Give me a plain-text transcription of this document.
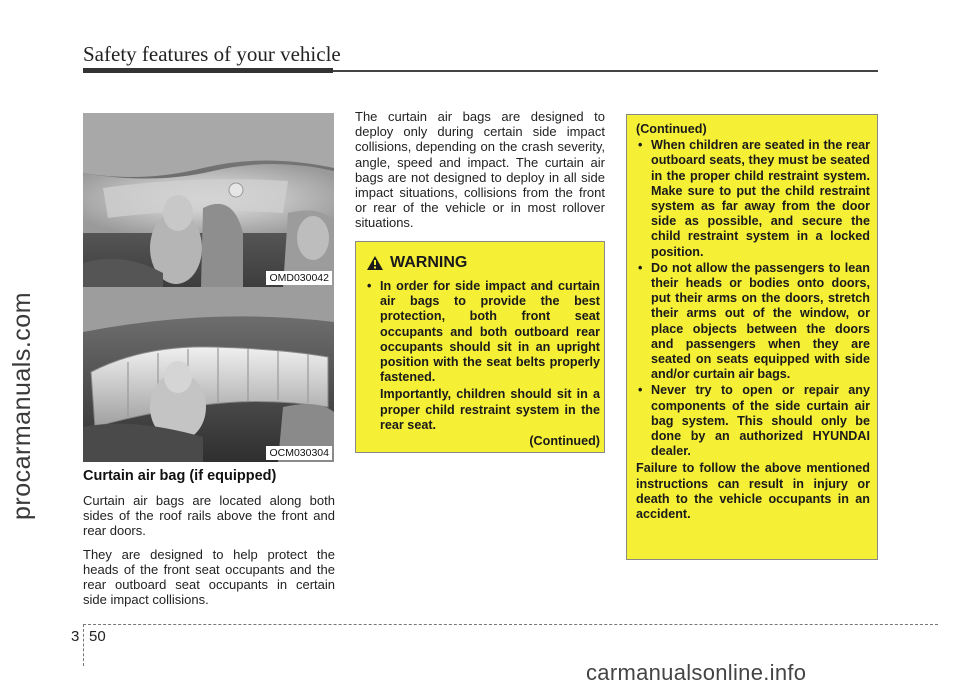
Safety features of your vehicle
procarmanuals.com
OMD030042
OCM030304
Curtain air bag (if equipped)

Curtain air bags are located along both sides of the roof rails above the front and rear doors.

They are designed to help protect the heads of the front seat occupants and the rear outboard seat occupants in certain side impact collisions.

The curtain air bags are designed to deploy only during certain side impact collisions, depending on the crash severity, angle, speed and impact. The curtain air bags are not designed to deploy in all side impact situations, collisions from the front or rear of the vehicle or in most rollover situations.

WARNING
• In order for side impact and curtain air bags to provide the best protection, both front seat occupants and both outboard rear occupants should sit in an upright position with the seat belts properly fastened.
Importantly, children should sit in a proper child restraint system in the rear seat.
(Continued)
(Continued)
• When children are seated in the rear outboard seats, they must be seated in the proper child restraint system. Make sure to put the child restraint system as far away from the door side as possible, and secure the child restraint system in a locked position.
• Do not allow the passengers to lean their heads or bodies onto doors, put their arms on the doors, stretch their arms out of the window, or place objects between the doors and passengers when they are seated on seats equipped with side and/or curtain air bags.
• Never try to open or repair any components of the side curtain air bag system. This should only be done by an authorized HYUNDAI dealer.
Failure to follow the above mentioned instructions can result in injury or death to the vehicle occupants in an accident.
3 50
carmanualsonline.info
